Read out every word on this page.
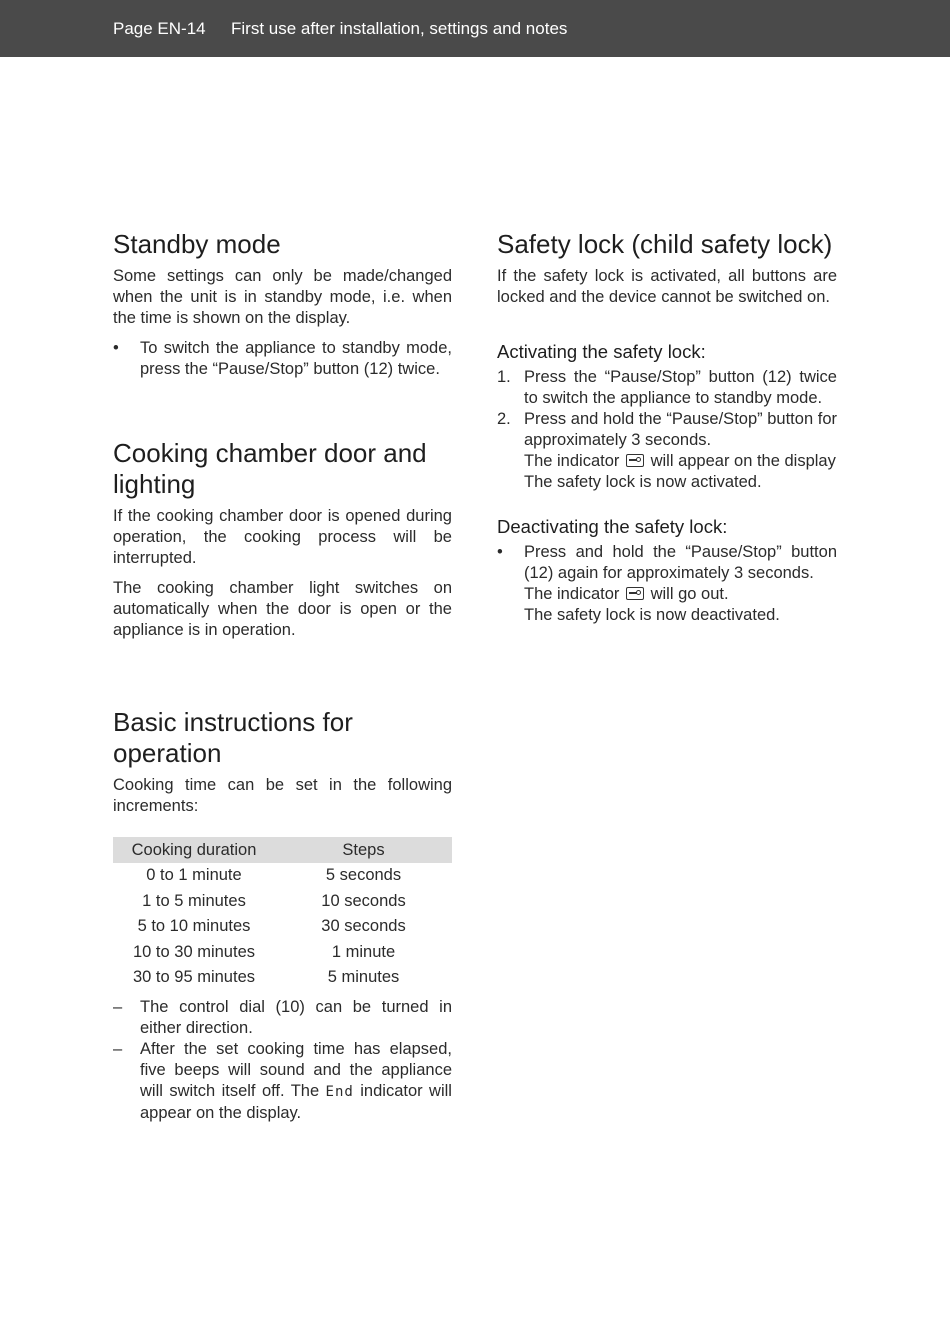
Page EN-14 First use after installation, settings and notes
Standby mode

Some settings can only be made/changed when the unit is in standby mode, i.e. when the time is shown on the display.

•	To switch the appliance to standby mode, press the “Pause/Stop” button (12) twice.
Cooking chamber door and lighting

If the cooking chamber door is opened during operation, the cooking process will be interrupted.

The cooking chamber light switches on automatically when the door is open or the appliance is in operation.

Basic instructions for operation

Cooking time can be set in the following increments:

Cooking duration	Steps
0 to 1 minute	5 seconds
1 to 5 minutes	10 seconds
5 to 10 minutes	30 seconds
10 to 30 minutes	1 minute
30 to 95 minutes	5 minutes
–	The control dial (10) can be turned in either direction.
–	After the set cooking time has elapsed, five beeps will sound and the appliance will switch itself off. The End indicator will appear on the display.
Safety lock (child safety lock)

If the safety lock is activated, all buttons are locked and the device cannot be switched on.

Activating the safety lock:
1. Press the “Pause/Stop” button (12) twice to switch the appliance to standby mode.
2. Press and hold the “Pause/Stop” button for approximately 3 seconds.
The indicator will appear on the display
The safety lock is now activated.
Deactivating the safety lock:
•	Press and hold the “Pause/Stop” button (12) again for approximately 3 seconds.
The indicator will go out.
The safety lock is now deactivated.
